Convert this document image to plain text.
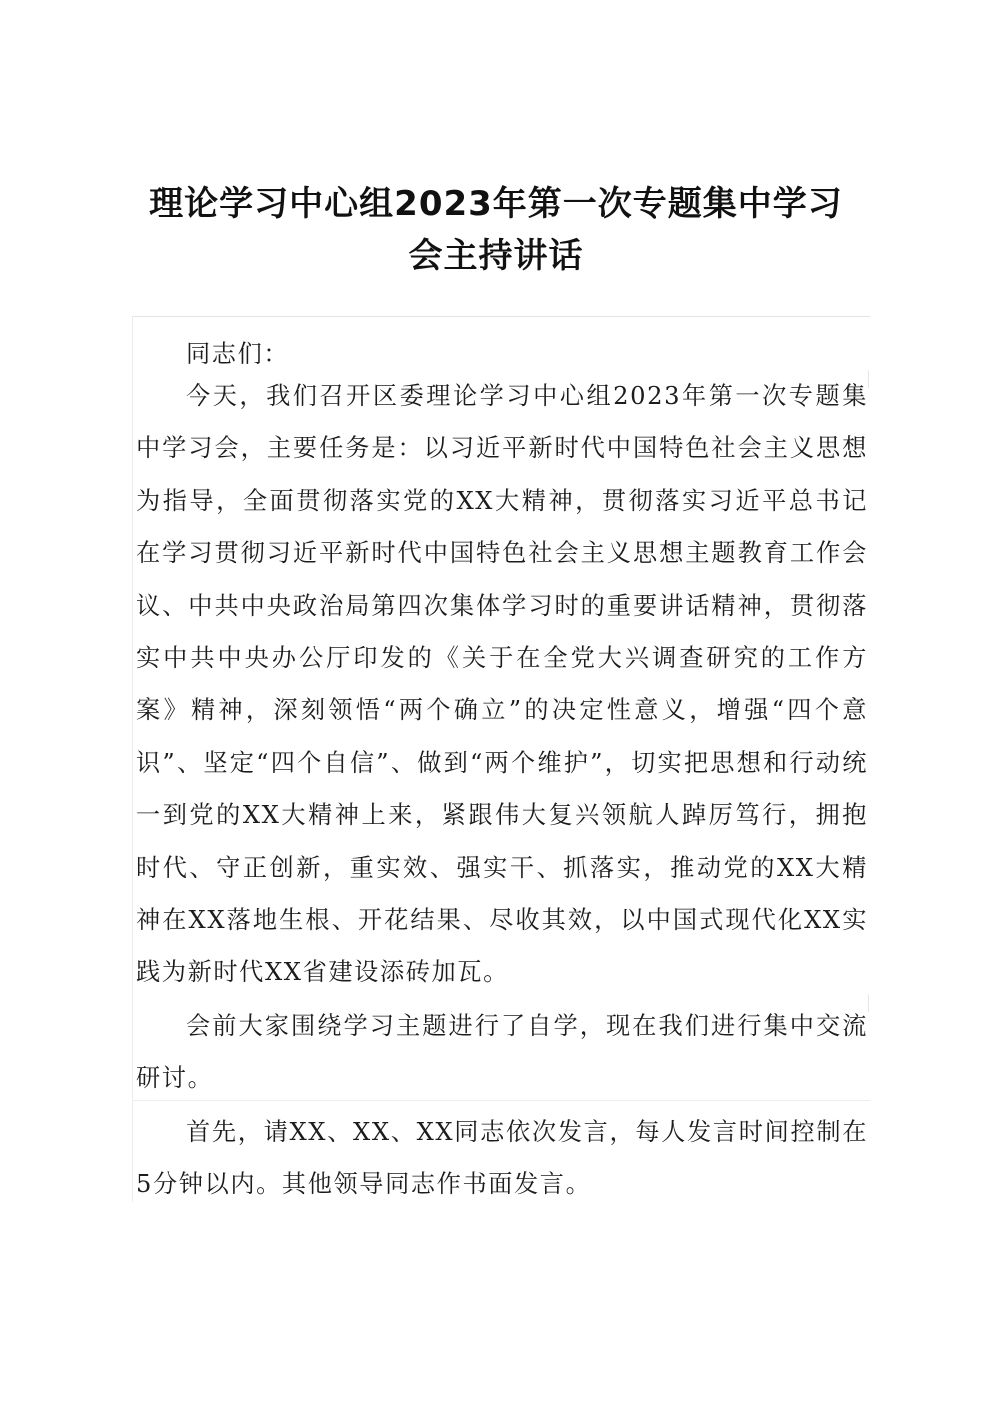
理论学习中心组2023年第一次专题集中学习
会主持讲话

同志们：

今天，我们召开区委理论学习中心组2023年第一次专题集中学习会，主要任务是：以习近平新时代中国特色社会主义思想为指导，全面贯彻落实党的XX大精神，贯彻落实习近平总书记在学习贯彻习近平新时代中国特色社会主义思想主题教育工作会议、中共中央政治局第四次集体学习时的重要讲话精神，贯彻落实中共中央办公厅印发的《关于在全党大兴调查研究的工作方案》精神，深刻领悟“两个确立”的决定性意义，增强“四个意识”、坚定“四个自信”、做到“两个维护”，切实把思想和行动统一到党的XX大精神上来，紧跟伟大复兴领航人踔厉笃行，拥抱时代、守正创新，重实效、强实干、抓落实，推动党的XX大精神在XX落地生根、开花结果、尽收其效，以中国式现代化XX实践为新时代XX省建设添砖加瓦。

会前大家围绕学习主题进行了自学，现在我们进行集中交流研讨。

首先，请XX、XX、XX同志依次发言，每人发言时间控制在5分钟以内。其他领导同志作书面发言。
